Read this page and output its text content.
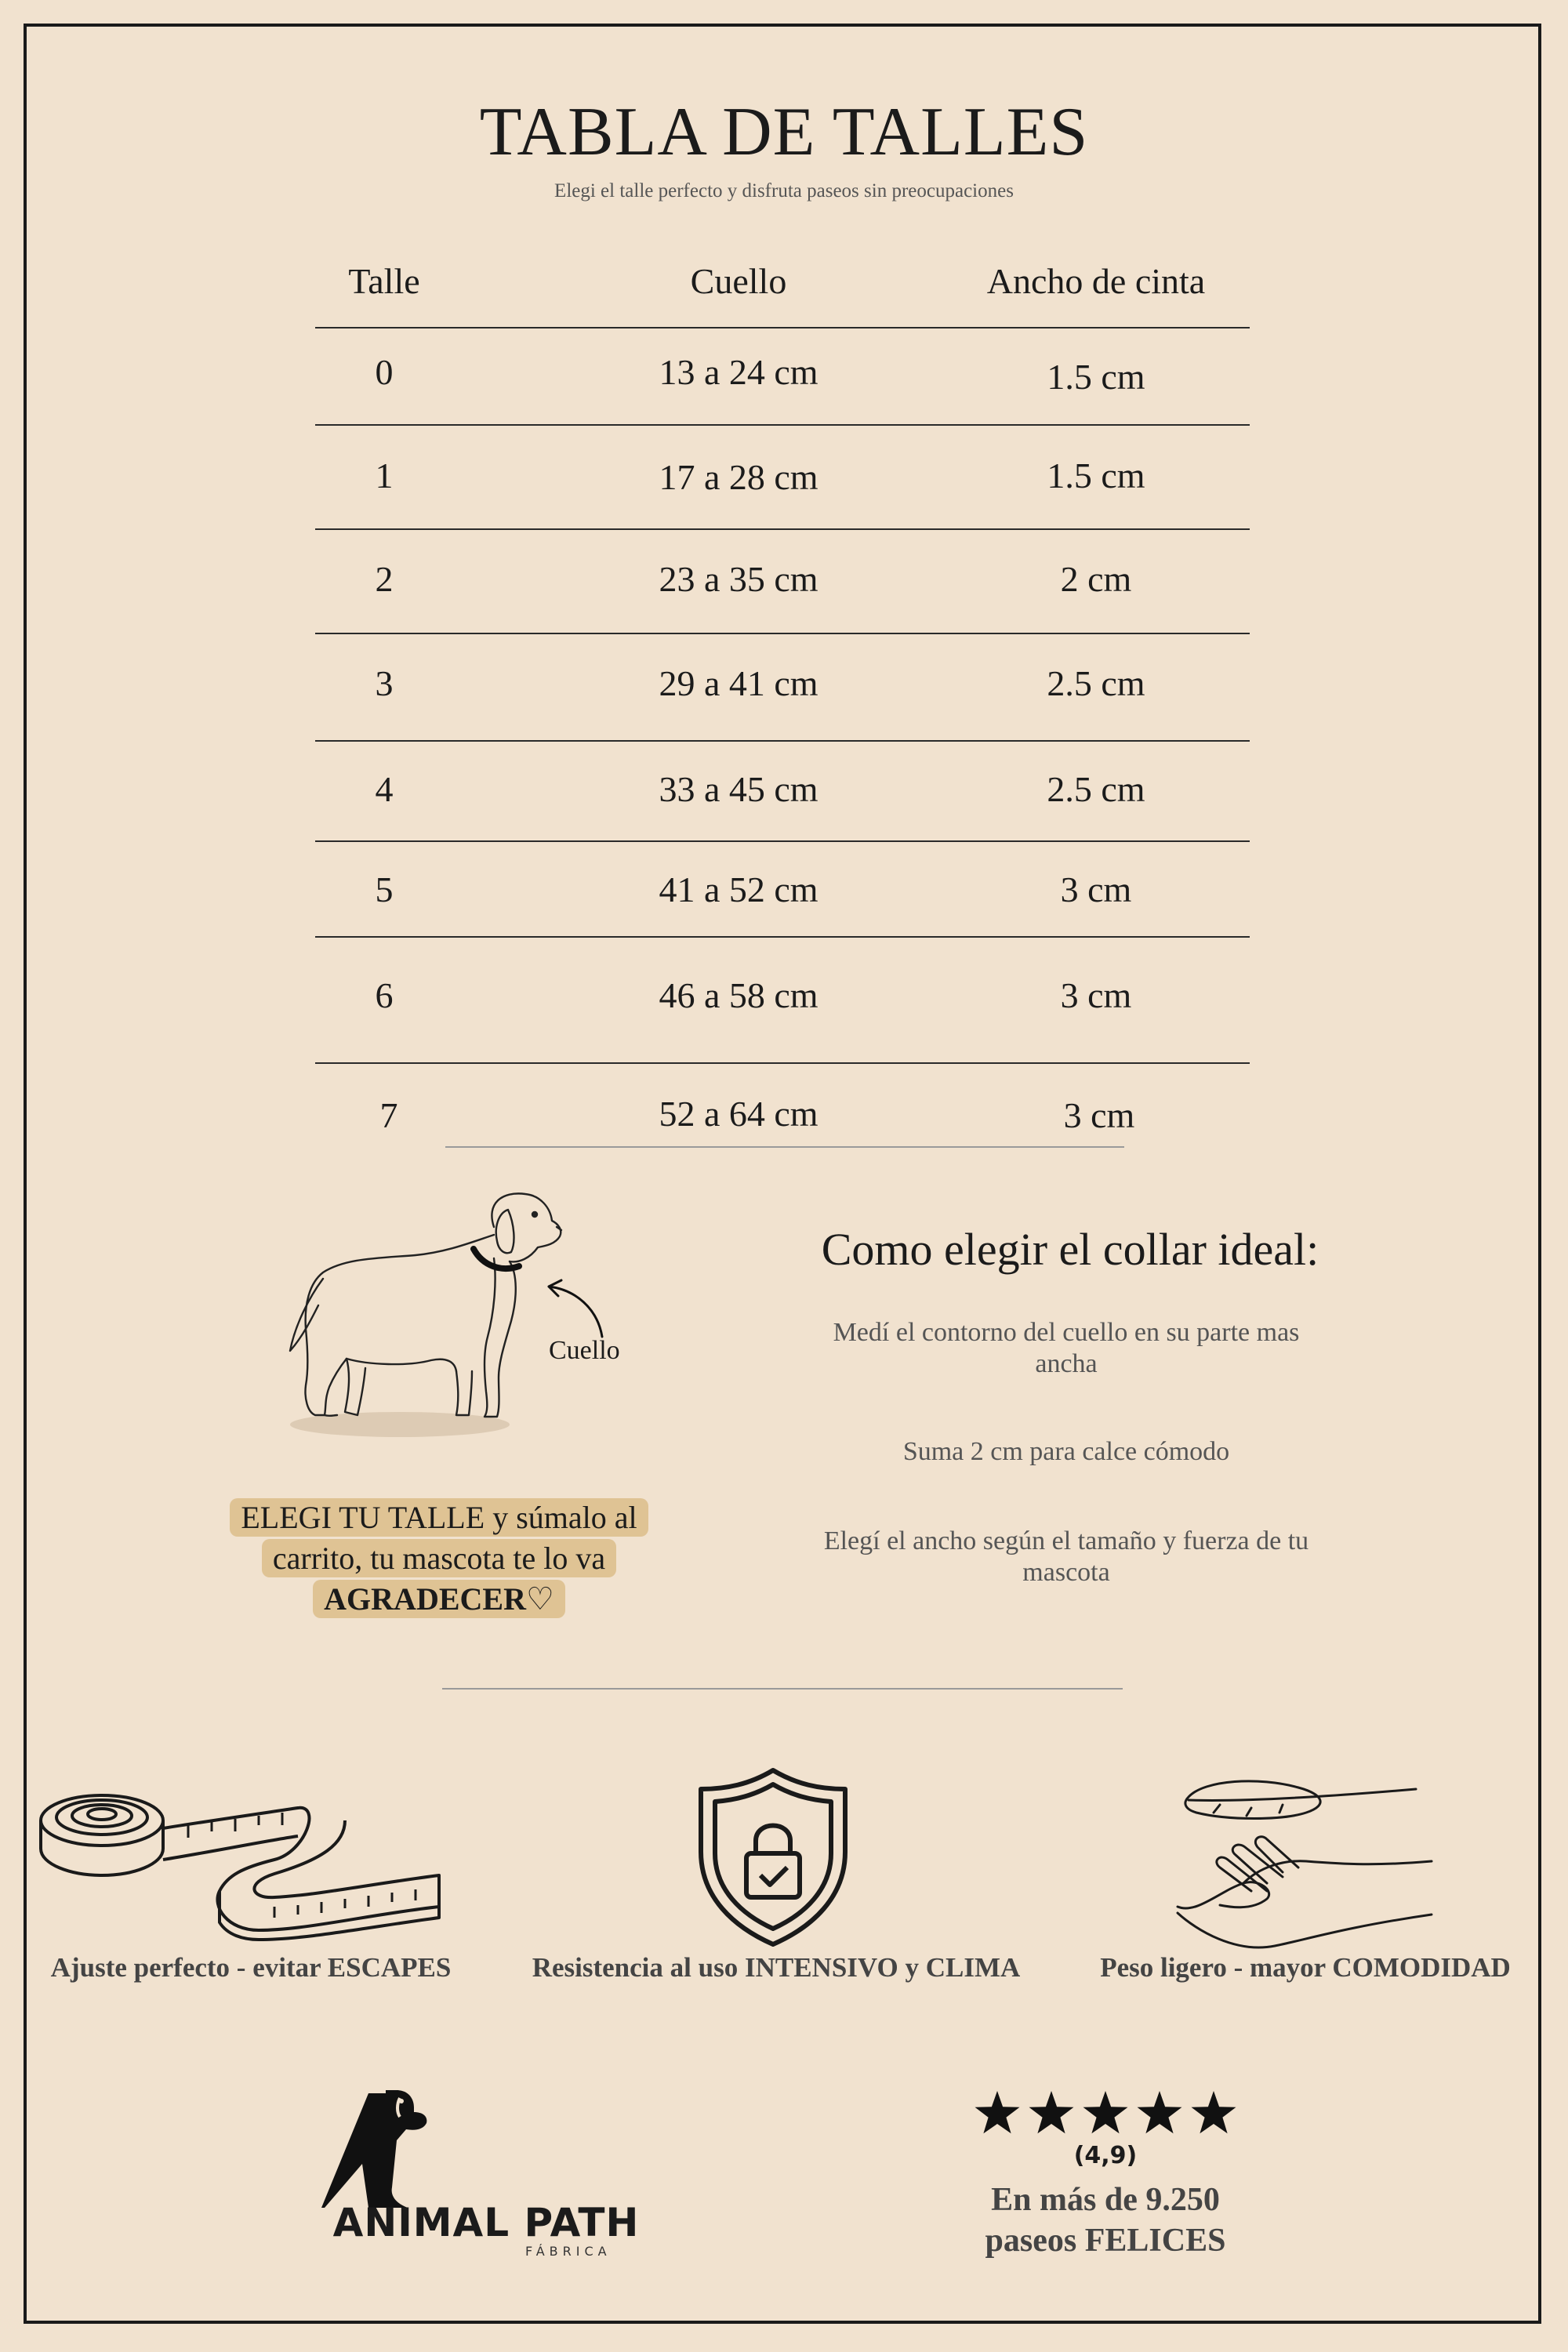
TABLA DE TALLES
Elegi el talle perfecto y disfruta paseos sin preocupaciones
Talle	Cuello	Ancho de cinta
0	13 a 24 cm	1.5 cm
1	17 a 28 cm	1.5 cm
2	23 a 35 cm	2 cm
3	29 a 41 cm	2.5 cm
4	33 a 45 cm	2.5 cm
5	41 a 52 cm	3 cm
6	46 a 58 cm	3 cm
7	52 a 64 cm	3 cm
Cuello
ELEGI TU TALLE y súmalo al
carrito, tu mascota te lo va
AGRADECER♡
Como elegir el collar ideal:
Medí el contorno del cuello en su parte mas ancha
Suma 2 cm para calce cómodo
Elegí el ancho según el tamaño y fuerza de tu mascota
Ajuste perfecto - evitar ESCAPES	Resistencia al uso INTENSIVO y CLIMA	Peso ligero - mayor COMODIDAD
ANIMAL PATH
FÁBRICA
(4,9)
En más de 9.250
paseos FELICES
